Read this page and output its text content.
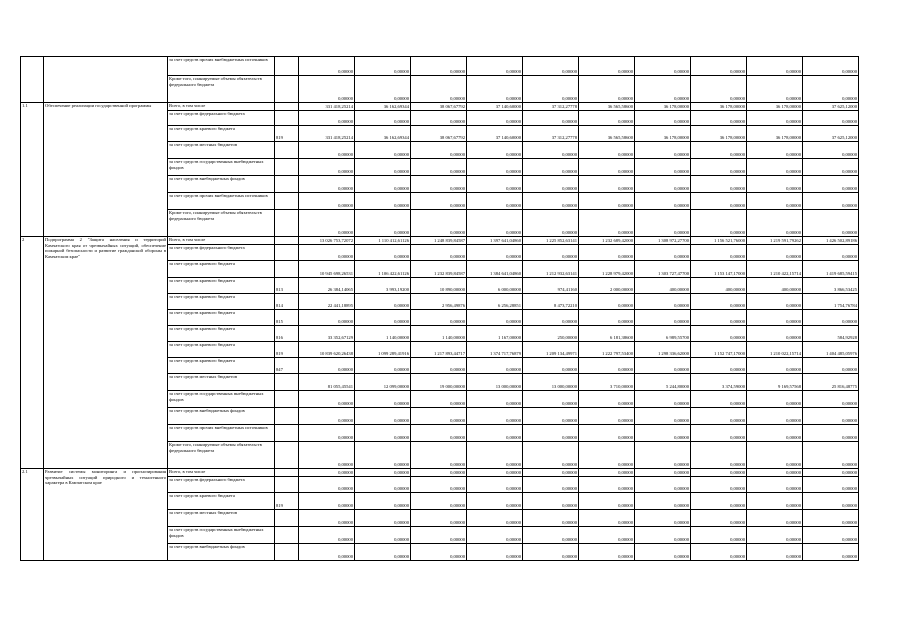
		за счет средств прочих внебюджетных источников		0,00000	0,00000	0,00000	0,00000	0,00000	0,00000	0,00000	0,00000	0,00000	0,00000
		Кроме того, планируемые объемы обязательств федерального бюджета		0,00000	0,00000	0,00000	0,00000	0,00000	0,00000	0,00000	0,00000	0,00000	0,00000
1.1	Обеспечение реализации государственной программы	Всего, в том числе		331 418,25214	36 162,69344	38 067,67792	37 140,60000	37 312,27778	36 565,58600	36 178,00000	36 178,00000	36 178,00000	37 625,12000
		за счет средств федерального бюджета		0,00000	0,00000	0,00000	0,00000	0,00000	0,00000	0,00000	0,00000	0,00000	0,00000
		за счет средств краевого бюджета	819	331 418,25214	36 162,69344	38 067,67792	37 140,60000	37 312,27778	36 565,58600	36 178,00000	36 178,00000	36 178,00000	37 625,12000
		за счет средств местных бюджетов		0,00000	0,00000	0,00000	0,00000	0,00000	0,00000	0,00000	0,00000	0,00000	0,00000
		за счет средств государственных внебюджетных фондов		0,00000	0,00000	0,00000	0,00000	0,00000	0,00000	0,00000	0,00000	0,00000	0,00000
		за счет средств внебюджетных фондов		0,00000	0,00000	0,00000	0,00000	0,00000	0,00000	0,00000	0,00000	0,00000	0,00000
		за счет средств прочих внебюджетных источников		0,00000	0,00000	0,00000	0,00000	0,00000	0,00000	0,00000	0,00000	0,00000	0,00000
		Кроме того, планируемые объемы обязательств федерального бюджета		0,00000	0,00000	0,00000	0,00000	0,00000	0,00000	0,00000	0,00000	0,00000	0,00000
2	Подпрограмма 2 "Защита населения и территорий Камчатского края от чрезвычайных ситуаций, обеспечение пожарной безопасности и развитие гражданской обороны в Камчатском крае"	Всего, в том числе		13 026 753,72072	1 110 412,61126	1 248 839,84587	1 397 641,04860	1 225 852,63141	1 232 689,42000	1 308 972,27700	1 156 521,76000	1 219 591,79262	1 426 502,89186
		за счет средств федерального бюджета		0,00000	0,00000	0,00000	0,00000	0,00000	0,00000	0,00000	0,00000	0,00000	0,00000
		за счет средств краевого бюджета		10 945 698,26531	1 106 422,61126	1 232 839,84587	1 384 641,04860	1 212 932,63141	1 228 979,42000	1 303 727,47700	1 153 147,17000	1 210 422,15714	1 419 685,59415
		за счет средств краевого бюджета	813	26 384,14065	3 993,19200	10 890,00000	6 000,00000	974,41160	2 000,00000	400,00000	400,00000	400,00000	3 866,53425
		за счет средств краевого бюджета	814	22 441,18895	0,00000	2 956,49876	6 256,28851	8 473,72210	0,00000	0,00000	0,00000	0,00000	1 754,76784
		за счет средств краевого бюджета	815	0,00000	0,00000	0,00000	0,00000	0,00000	0,00000	0,00000	0,00000	0,00000	0,00000
		за счет средств краевого бюджета	816	33 352,67129	1 140,00000	1 140,00000	1 167,00000	250,00000	6 181,38600	6 989,55700	0,00000	0,00000	584,92928
		за счет средств краевого бюджета	819	10 839 620,26438	1 099 289,41916	1 217 893,44717	1 374 717,76879	1 209 134,49971	1 222 797,53400	1 298 336,62000	1 152 747,17000	1 210 022,15714	1 404 485,05976
		за счет средств краевого бюджета	847	0,00000	0,00000	0,00000	0,00000	0,00000	0,00000	0,00000	0,00000	0,00000	0,00000
		за счет средств местных бюджетов		81 055,45541	12 099,00000	19 000,00000	13 000,00000	13 000,00000	3 710,00000	5 244,80000	3 374,59000	9 169,57568	25 816,48775
		за счет средств государственных внебюджетных фондов		0,00000	0,00000	0,00000	0,00000	0,00000	0,00000	0,00000	0,00000	0,00000	0,00000
		за счет средств внебюджетных фондов		0,00000	0,00000	0,00000	0,00000	0,00000	0,00000	0,00000	0,00000	0,00000	0,00000
		за счет средств прочих внебюджетных источников		0,00000	0,00000	0,00000	0,00000	0,00000	0,00000	0,00000	0,00000	0,00000	0,00000
		Кроме того, планируемые объемы обязательств федерального бюджета		0,00000	0,00000	0,00000	0,00000	0,00000	0,00000	0,00000	0,00000	0,00000	0,00000
2.1	Развитие системы мониторинга и прогнозирования чрезвычайных ситуаций природного и техногенного характера в Камчатском крае	Всего, в том числе		0,00000	0,00000	0,00000	0,00000	0,00000	0,00000	0,00000	0,00000	0,00000	0,00000
		за счет средств федерального бюджета		0,00000	0,00000	0,00000	0,00000	0,00000	0,00000	0,00000	0,00000	0,00000	0,00000
		за счет средств краевого бюджета	819	0,00000	0,00000	0,00000	0,00000	0,00000	0,00000	0,00000	0,00000	0,00000	0,00000
		за счет средств местных бюджетов		0,00000	0,00000	0,00000	0,00000	0,00000	0,00000	0,00000	0,00000	0,00000	0,00000
		за счет средств государственных внебюджетных фондов		0,00000	0,00000	0,00000	0,00000	0,00000	0,00000	0,00000	0,00000	0,00000	0,00000
		за счет средств внебюджетных фондов		0,00000	0,00000	0,00000	0,00000	0,00000	0,00000	0,00000	0,00000	0,00000	0,00000
